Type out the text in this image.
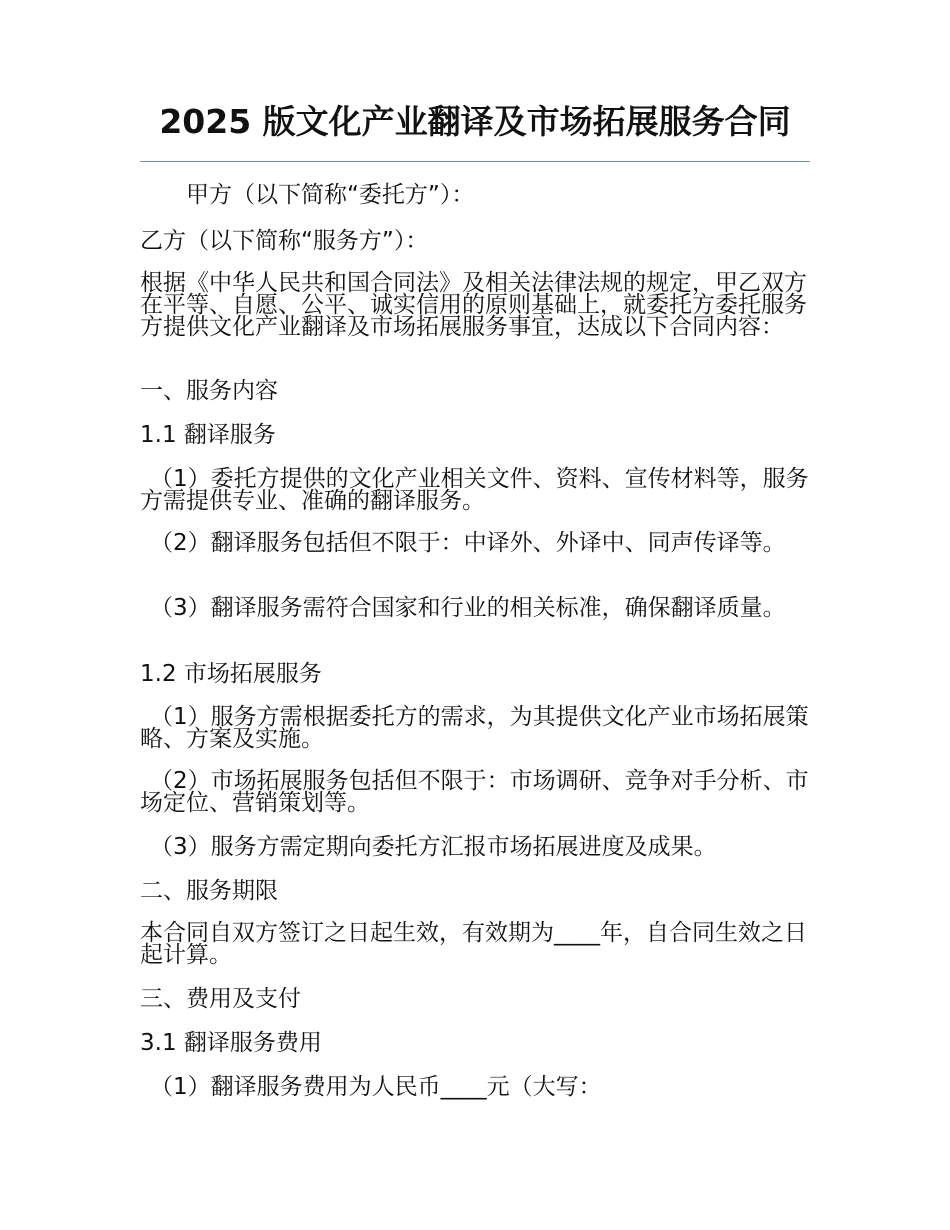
2025 版文化产业翻译及市场拓展服务合同
甲方（以下简称“委托方”）：
乙方（以下简称“服务方”）：
根据《中华人民共和国合同法》及相关法律法规的规定，甲乙双方在平等、自愿、公平、诚实信用的原则基础上，就委托方委托服务方提供文化产业翻译及市场拓展服务事宜，达成以下合同内容：
一、服务内容
1.1 翻译服务
（1）委托方提供的文化产业相关文件、资料、宣传材料等，服务方需提供专业、准确的翻译服务。
（2）翻译服务包括但不限于：中译外、外译中、同声传译等。
（3）翻译服务需符合国家和行业的相关标准，确保翻译质量。
1.2 市场拓展服务
（1）服务方需根据委托方的需求，为其提供文化产业市场拓展策略、方案及实施。
（2）市场拓展服务包括但不限于：市场调研、竞争对手分析、市场定位、营销策划等。
（3）服务方需定期向委托方汇报市场拓展进度及成果。
二、服务期限
本合同自双方签订之日起生效，有效期为____年，自合同生效之日起计算。
三、费用及支付
3.1 翻译服务费用
（1）翻译服务费用为人民币____元（大写：
